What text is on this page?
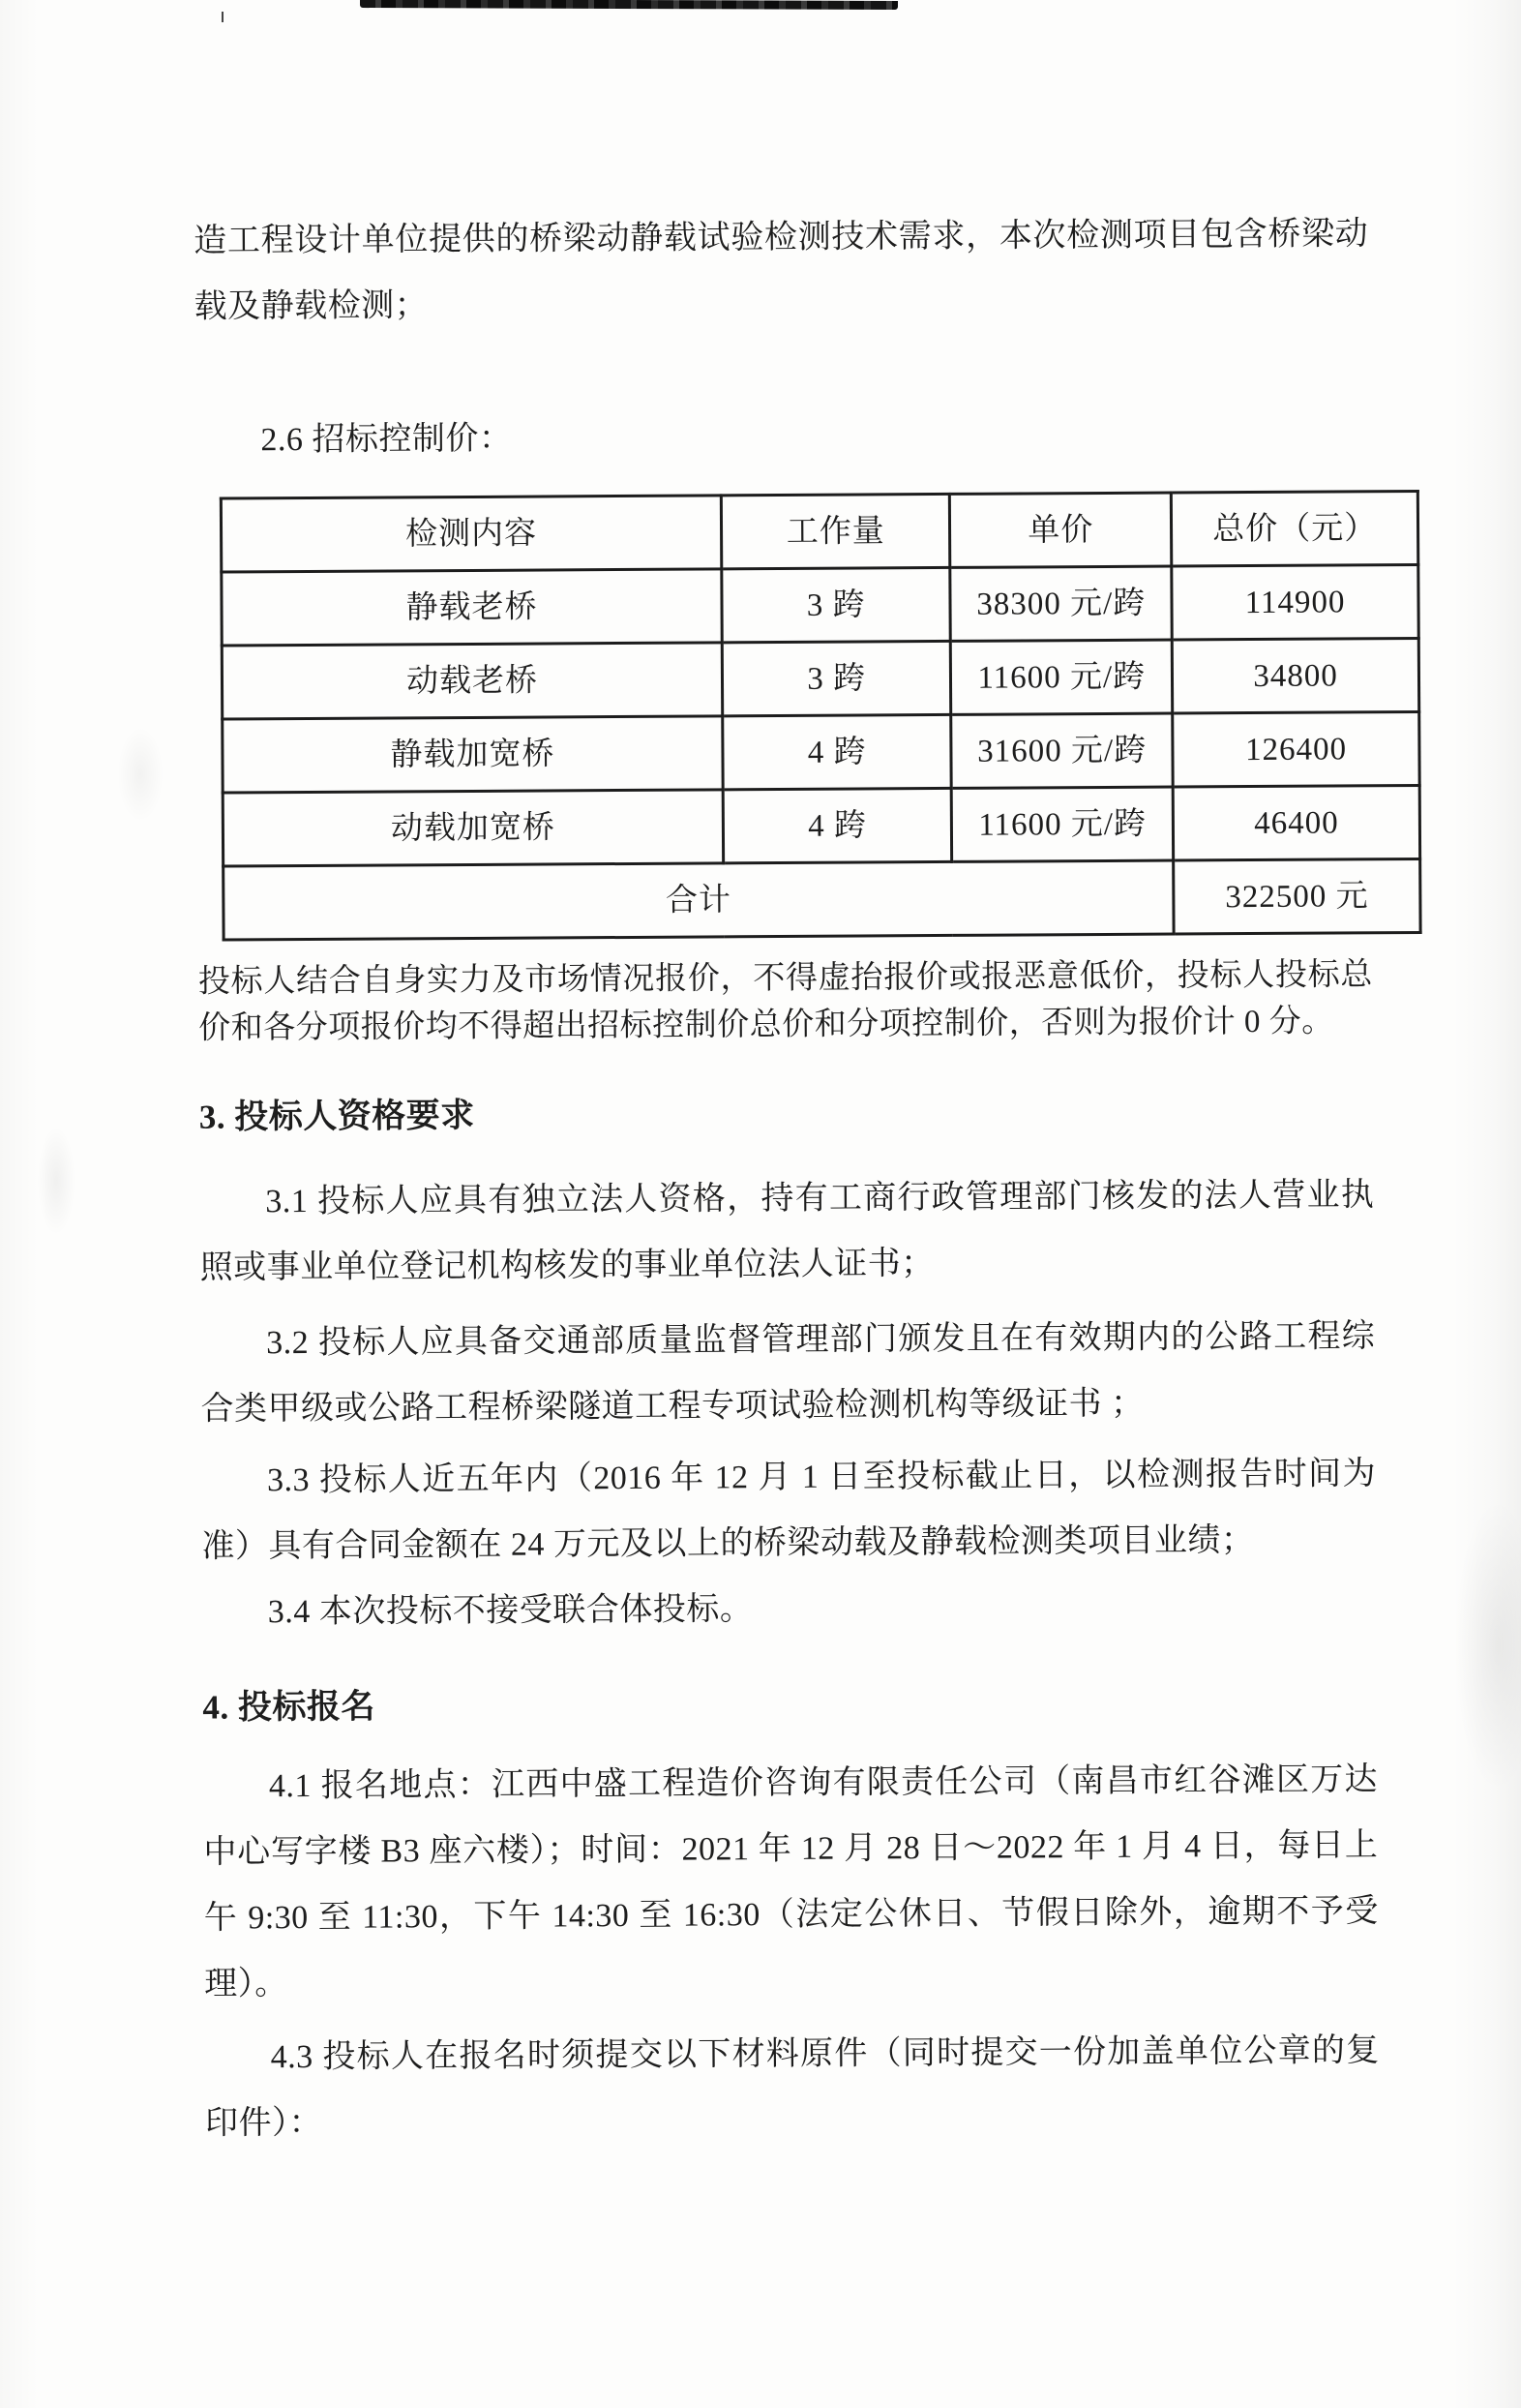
造工程设计单位提供的桥梁动静载试验检测技术需求，本次检测项目包含桥梁动载及静载检测；

2.6 招标控制价：

检测内容	工作量	单价	总价（元）
静载老桥	3 跨	38300 元/跨	114900
动载老桥	3 跨	11600 元/跨	34800
静载加宽桥	4 跨	31600 元/跨	126400
动载加宽桥	4 跨	11600 元/跨	46400
合计			322500 元

投标人结合自身实力及市场情况报价，不得虚抬报价或报恶意低价，投标人投标总价和各分项报价均不得超出招标控制价总价和分项控制价，否则为报价计 0 分。

3. 投标人资格要求

3.1 投标人应具有独立法人资格，持有工商行政管理部门核发的法人营业执照或事业单位登记机构核发的事业单位法人证书；

3.2 投标人应具备交通部质量监督管理部门颁发且在有效期内的公路工程综合类甲级或公路工程桥梁隧道工程专项试验检测机构等级证书 ；

3.3 投标人近五年内（2016 年 12 月 1 日至投标截止日，以检测报告时间为准）具有合同金额在 24 万元及以上的桥梁动载及静载检测类项目业绩；

3.4 本次投标不接受联合体投标。

4. 投标报名

4.1 报名地点：江西中盛工程造价咨询有限责任公司（南昌市红谷滩区万达中心写字楼 B3 座六楼）；时间：2021 年 12 月 28 日～2022 年 1 月 4 日，每日上午 9:30 至 11:30，下午 14:30 至 16:30（法定公休日、节假日除外，逾期不予受理）。

4.3 投标人在报名时须提交以下材料原件（同时提交一份加盖单位公章的复印件）：
